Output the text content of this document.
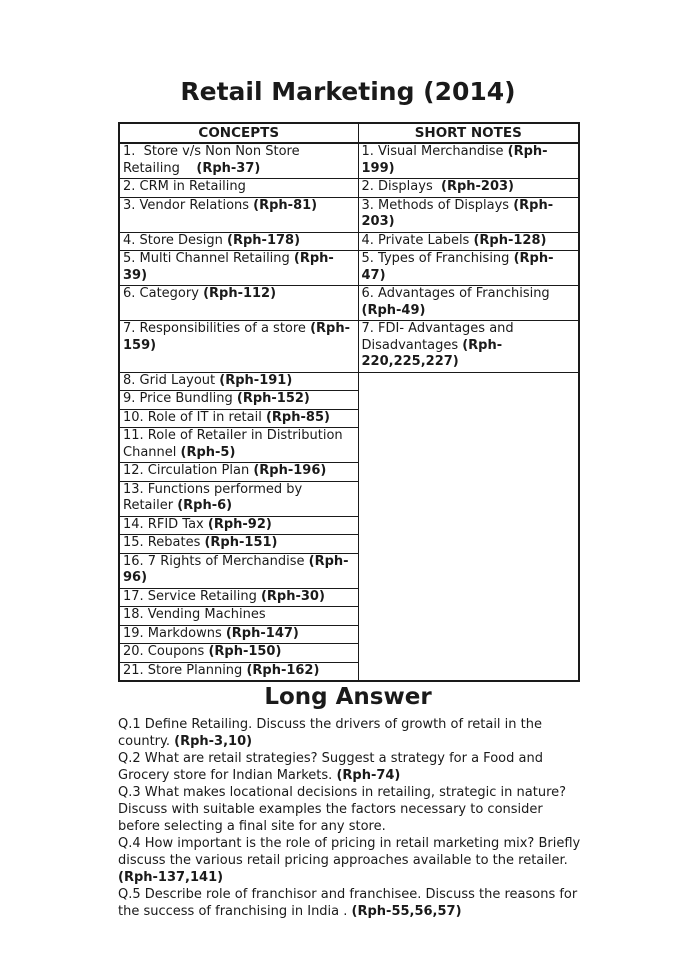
Retail Marketing (2014)
CONCEPTS	SHORT NOTES
1.  Store v/s Non Non Store Retailing    (Rph-37)	1. Visual Merchandise (Rph-199)
2. CRM in Retailing	2. Displays  (Rph-203)
3. Vendor Relations (Rph-81)	3. Methods of Displays (Rph-203)
4. Store Design (Rph-178)	4. Private Labels (Rph-128)
5. Multi Channel Retailing (Rph-39)	5. Types of Franchising (Rph-47)
6. Category (Rph-112)	6. Advantages of Franchising (Rph-49)
7. Responsibilities of a store (Rph-159)	7. FDI- Advantages and Disadvantages (Rph-220,225,227)
8. Grid Layout (Rph-191)	
9. Price Bundling (Rph-152)	
10. Role of IT in retail (Rph-85)	
11. Role of Retailer in Distribution Channel (Rph-5)	
12. Circulation Plan (Rph-196)	
13. Functions performed by Retailer (Rph-6)	
14. RFID Tax (Rph-92)	
15. Rebates (Rph-151)	
16. 7 Rights of Merchandise (Rph-96)	
17. Service Retailing (Rph-30)	
18. Vending Machines	
19. Markdowns (Rph-147)	
20. Coupons (Rph-150)	
21. Store Planning (Rph-162)	
Long Answer

Q.1 Define Retailing. Discuss the drivers of growth of retail in the country. (Rph-3,10)

Q.2 What are retail strategies? Suggest a strategy for a Food and Grocery store for Indian Markets. (Rph-74)

Q.3 What makes locational decisions in retailing, strategic in nature? Discuss with suitable examples the factors necessary to consider before selecting a final site for any store.

Q.4 How important is the role of pricing in retail marketing mix? Briefly discuss the various retail pricing approaches available to the retailer. (Rph-137,141)

Q.5 Describe role of franchisor and franchisee. Discuss the reasons for the success of franchising in India . (Rph-55,56,57)
